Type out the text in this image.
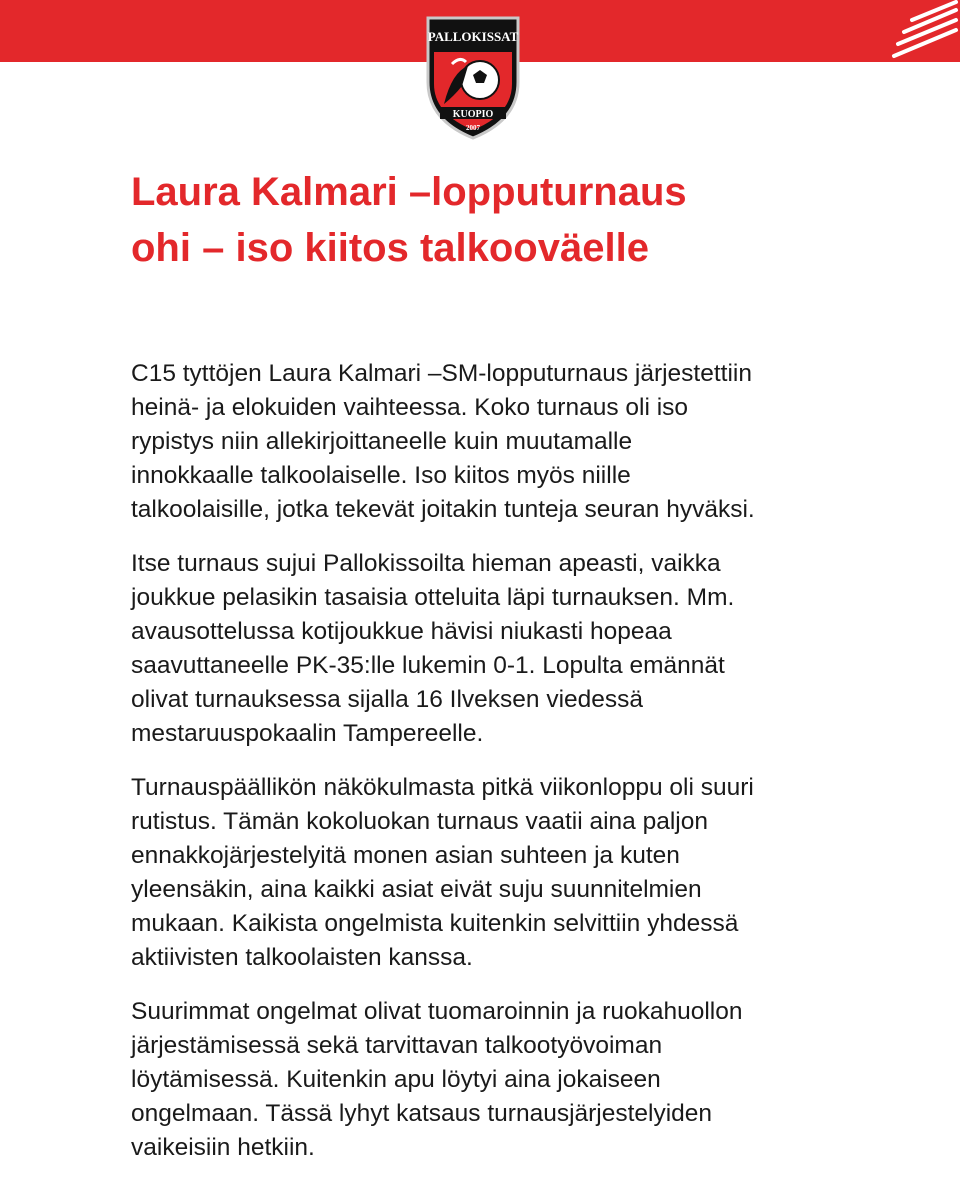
PALLOKISSAT
KUOPIO
2007
Laura Kalmari –lopputurnaus
ohi – iso kiitos talkooväelle

C15 tyttöjen Laura Kalmari –SM-lopputurnaus järjestettiin
heinä- ja elokuiden vaihteessa. Koko turnaus oli iso
rypistys niin allekirjoittaneelle kuin muutamalle
innokkaalle talkoolaiselle. Iso kiitos myös niille
talkoolaisille, jotka tekevät joitakin tunteja seuran hyväksi.

Itse turnaus sujui Pallokissoilta hieman apeasti, vaikka
joukkue pelasikin tasaisia otteluita läpi turnauksen. Mm.
avausottelussa kotijoukkue hävisi niukasti hopeaa
saavuttaneelle PK-35:lle lukemin 0-1. Lopulta emännät
olivat turnauksessa sijalla 16 Ilveksen viedessä
mestaruuspokaalin Tampereelle.

Turnauspäällikön näkökulmasta pitkä viikonloppu oli suuri
rutistus. Tämän kokoluokan turnaus vaatii aina paljon
ennakkojärjestelyitä monen asian suhteen ja kuten
yleensäkin, aina kaikki asiat eivät suju suunnitelmien
mukaan. Kaikista ongelmista kuitenkin selvittiin yhdessä
aktiivisten talkoolaisten kanssa.

Suurimmat ongelmat olivat tuomaroinnin ja ruokahuollon
järjestämisessä sekä tarvittavan talkootyövoiman
löytämisessä. Kuitenkin apu löytyi aina jokaiseen
ongelmaan. Tässä lyhyt katsaus turnausjärjestelyiden
vaikeisiin hetkiin.
